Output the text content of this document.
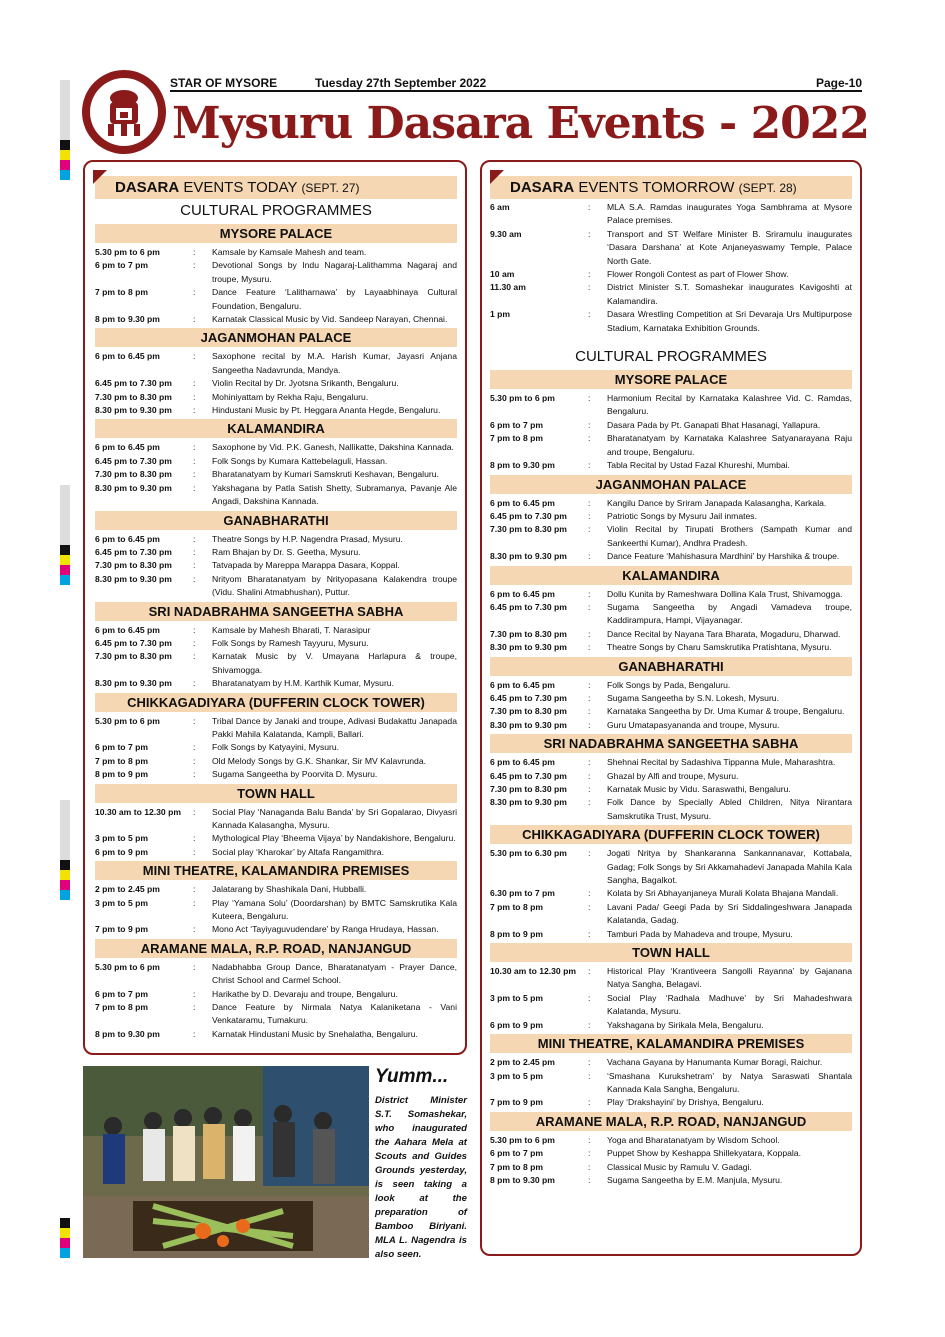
STAR OF MYSORE	Tuesday 27th September 2022	Page-10
Mysuru Dasara Events - 2022
DASARA EVENTS TODAY (SEPT. 27)
CULTURAL PROGRAMMES
MYSORE PALACE
5.30 pm to 6 pm	:	Kamsale by Kamsale Mahesh and team.
6 pm to 7 pm	:	Devotional Songs by Indu Nagaraj-Lalithamma Nagaraj and troupe, Mysuru.
7 pm to 8 pm	:	Dance Feature ‘Lalitharnawa’ by Layaabhinaya Cultural Foundation, Bengaluru.
8 pm to 9.30 pm	:	Karnatak Classical Music by Vid. Sandeep Narayan, Chennai.
JAGANMOHAN PALACE
6 pm to 6.45 pm	:	Saxophone recital by M.A. Harish Kumar, Jayasri Anjana Sangeetha Nadavrunda, Mandya.
6.45 pm to 7.30 pm	:	Violin Recital by Dr. Jyotsna Srikanth, Bengaluru.
7.30 pm to 8.30 pm	:	Mohiniyattam by Rekha Raju, Bengaluru.
8.30 pm to 9.30 pm	:	Hindustani Music by Pt. Heggara Ananta Hegde, Bengaluru.
KALAMANDIRA
6 pm to 6.45 pm	:	Saxophone by Vid. P.K. Ganesh, Nallikatte, Dakshina Kannada.
6.45 pm to 7.30 pm	:	Folk Songs by Kumara Kattebelaguli, Hassan.
7.30 pm to 8.30 pm	:	Bharatanatyam by Kumari Samskruti Keshavan, Bengaluru.
8.30 pm to 9.30 pm	:	Yakshagana by Patla Satish Shetty, Subramanya, Pavanje Ale Angadi, Dakshina Kannada.
GANABHARATHI
6 pm to 6.45 pm	:	Theatre Songs by H.P. Nagendra Prasad, Mysuru.
6.45 pm to 7.30 pm	:	Ram Bhajan by Dr. S. Geetha, Mysuru.
7.30 pm to 8.30 pm	:	Tatvapada by Mareppa Marappa Dasara, Koppal.
8.30 pm to 9.30 pm	:	Nrityom Bharatanatyam by Nrityopasana Kalakendra troupe (Vidu. Shalini Atmabhushan), Puttur.
SRI NADABRAHMA SANGEETHA SABHA
6 pm to 6.45 pm	:	Kamsale by Mahesh Bharati, T. Narasipur
6.45 pm to 7.30 pm	:	Folk Songs by Ramesh Tayyuru, Mysuru.
7.30 pm to 8.30 pm	:	Karnatak Music by V. Umayana Harlapura & troupe, Shivamogga.
8.30 pm to 9.30 pm	:	Bharatanatyam by H.M. Karthik Kumar, Mysuru.
CHIKKAGADIYARA (DUFFERIN CLOCK TOWER)
5.30 pm to 6 pm	:	Tribal Dance by Janaki and troupe, Adivasi Budakattu Janapada Pakki Mahila Kalatanda, Kampli, Ballari.
6 pm to 7 pm	:	Folk Songs by Katyayini, Mysuru.
7 pm to 8 pm	:	Old Melody Songs by G.K. Shankar, Sir MV Kalavrunda.
8 pm to 9 pm	:	Sugama Sangeetha by Poorvita D. Mysuru.
TOWN HALL
10.30 am to 12.30 pm	:	Social Play ‘Nanaganda Balu Banda’ by Sri Gopalarao, Divyasri Kannada Kalasangha, Mysuru.
3 pm to 5 pm	:	Mythological Play ‘Bheema Vijaya’ by Nandakishore, Bengaluru.
6 pm to 9 pm	:	Social play ‘Kharokar’ by Altafa Rangamithra.
MINI THEATRE, KALAMANDIRA PREMISES
2 pm to 2.45 pm	:	Jalatarang by Shashikala Dani, Hubballi.
3 pm to 5 pm	:	Play ‘Yamana Solu’ (Doordarshan) by BMTC Samskrutika Kala Kuteera, Bengaluru.
7 pm to 9 pm	:	Mono Act ‘Tayiyaguvudendare’ by Ranga Hrudaya, Hassan.
ARAMANE MALA, R.P. ROAD, NANJANGUD
5.30 pm to 6 pm	:	Nadabhabba Group Dance, Bharatanatyam - Prayer Dance, Christ School and Carmel School.
6 pm to 7 pm	:	Harikathe by D. Devaraju and troupe, Bengaluru.
7 pm to 8 pm	:	Dance Feature by Nirmala Natya Kalaniketana - Vani Venkataramu, Tumakuru.
8 pm to 9.30 pm	:	Karnatak Hindustani Music by Snehalatha, Bengaluru.
DASARA EVENTS TOMORROW (SEPT. 28)
6 am	:	MLA S.A. Ramdas inaugurates Yoga Sambhrama at Mysore Palace premises.
9.30 am	:	Transport and ST Welfare Minister B. Sriramulu inaugurates ‘Dasara Darshana’ at Kote Anjaneyaswamy Temple, Palace North Gate.
10 am	:	Flower Rongoli Contest as part of Flower Show.
11.30 am	:	District Minister S.T. Somashekar inaugurates Kavigoshti at Kalamandira.
1 pm	:	Dasara Wrestling Competition at Sri Devaraja Urs Multipurpose Stadium, Karnataka Exhibition Grounds.
CULTURAL PROGRAMMES
MYSORE PALACE
5.30 pm to 6 pm	:	Harmonium Recital by Karnataka Kalashree Vid. C. Ramdas, Bengaluru.
6 pm to 7 pm	:	Dasara Pada by Pt. Ganapati Bhat Hasanagi, Yallapura.
7 pm to 8 pm	:	Bharatanatyam by Karnataka Kalashree Satyanarayana Raju and troupe, Bengaluru.
8 pm to 9.30 pm	:	Tabla Recital by Ustad Fazal Khureshi, Mumbai.
JAGANMOHAN PALACE
6 pm to 6.45 pm	:	Kangilu Dance by Sriram Janapada Kalasangha, Karkala.
6.45 pm to 7.30 pm	:	Patriotic Songs by Mysuru Jail inmates.
7.30 pm to 8.30 pm	:	Violin Recital by Tirupati Brothers (Sampath Kumar and Sankeerthi Kumar), Andhra Pradesh.
8.30 pm to 9.30 pm	:	Dance Feature ‘Mahishasura Mardhini’ by Harshika & troupe.
KALAMANDIRA
6 pm to 6.45 pm	:	Dollu Kunita by Rameshwara Dollina Kala Trust, Shivamogga.
6.45 pm to 7.30 pm	:	Sugama Sangeetha by Angadi Vamadeva troupe, Kaddirampura, Hampi, Vijayanagar.
7.30 pm to 8.30 pm	:	Dance Recital by Nayana Tara Bharata, Mogaduru, Dharwad.
8.30 pm to 9.30 pm	:	Theatre Songs by Charu Samskrutika Pratishtana, Mysuru.
GANABHARATHI
6 pm to 6.45 pm	:	Folk Songs by Pada, Bengaluru.
6.45 pm to 7.30 pm	:	Sugama Sangeetha by S.N. Lokesh, Mysuru.
7.30 pm to 8.30 pm	:	Karnataka Sangeetha by Dr. Uma Kumar & troupe, Bengaluru.
8.30 pm to 9.30 pm	:	Guru Umatapasyananda and troupe, Mysuru.
SRI NADABRAHMA SANGEETHA SABHA
6 pm to 6.45 pm	:	Shehnai Recital by Sadashiva Tippanna Mule, Maharashtra.
6.45 pm to 7.30 pm	:	Ghazal by Alfi and troupe, Mysuru.
7.30 pm to 8.30 pm	:	Karnatak Music by Vidu. Saraswathi, Bengaluru.
8.30 pm to 9.30 pm	:	Folk Dance by Specially Abled Children, Nitya Nirantara Samskrutika Trust, Mysuru.
CHIKKAGADIYARA (DUFFERIN CLOCK TOWER)
5.30 pm to 6.30 pm	:	Jogati Nritya by Shankaranna Sankannanavar, Kottabala, Gadag; Folk Songs by Sri Akkamahadevi Janapada Mahila Kala Sangha, Bagalkot.
6.30 pm to 7 pm	:	Kolata by Sri Abhayanjaneya Murali Kolata Bhajana Mandali.
7 pm to 8 pm	:	Lavani Pada/ Geegi Pada by Sri Siddalingeshwara Janapada Kalatanda, Gadag.
8 pm to 9 pm	:	Tamburi Pada by Mahadeva and troupe, Mysuru.
TOWN HALL
10.30 am to 12.30 pm	:	Historical Play ‘Krantiveera Sangolli Rayanna’ by Gajanana Natya Sangha, Belagavi.
3 pm to 5 pm	:	Social Play ‘Radhala Madhuve’ by Sri Mahadeshwara Kalatanda, Mysuru.
6 pm to 9 pm	:	Yakshagana by Sirikala Mela, Bengaluru.
MINI THEATRE, KALAMANDIRA PREMISES
2 pm to 2.45 pm	:	Vachana Gayana by Hanumanta Kumar Boragi, Raichur.
3 pm to 5 pm	:	‘Smashana Kurukshetram’ by Natya Saraswati Shantala Kannada Kala Sangha, Bengaluru.
7 pm to 9 pm	:	Play ‘Drakshayini’ by Drishya, Bengaluru.
ARAMANE MALA, R.P. ROAD, NANJANGUD
5.30 pm to 6 pm	:	Yoga and Bharatanatyam by Wisdom School.
6 pm to 7 pm	:	Puppet Show by Keshappa Shillekyatara, Koppala.
7 pm to 8 pm	:	Classical Music by Ramulu V. Gadagi.
8 pm to 9.30 pm	:	Sugama Sangeetha by E.M. Manjula, Mysuru.
Yumm...

District Minister S.T. Somashekar, who inaugurated the Aahara Mela at Scouts and Guides Grounds yesterday, is seen taking a look at the preparation of Bamboo Biriyani. MLA L. Nagendra is also seen.
